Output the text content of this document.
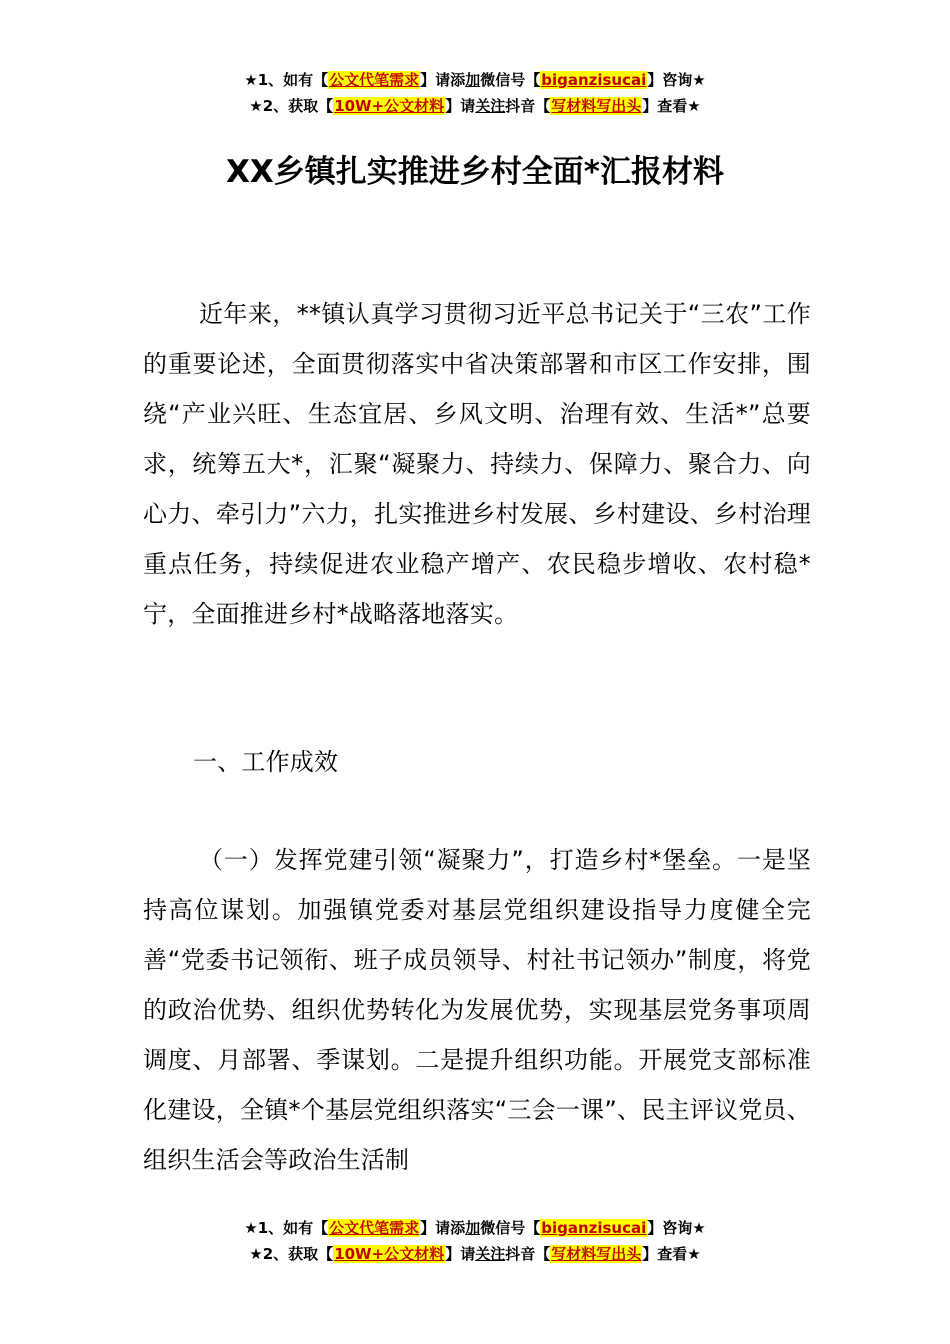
★1、如有【公文代笔需求】请添加微信号【biganzisucai】咨询★
★2、获取【10W+公文材料】请关注抖音【写材料写出头】查看★
XX乡镇扎实推进乡村全面*汇报材料

近年来，**镇认真学习贯彻习近平总书记关于“三农”工作的重要论述，全面贯彻落实中省决策部署和市区工作安排，围绕“产业兴旺、生态宜居、乡风文明、治理有效、生活*”总要求，统筹五大*，汇聚“凝聚力、持续力、保障力、聚合力、向心力、牵引力”六力，扎实推进乡村发展、乡村建设、乡村治理重点任务，持续促进农业稳产增产、农民稳步增收、农村稳*宁，全面推进乡村*战略落地落实。

一、工作成效

（一）发挥党建引领“凝聚力”，打造乡村*堡垒。一是坚持高位谋划。加强镇党委对基层党组织建设指导力度健全完善“党委书记领衔、班子成员领导、村社书记领办”制度，将党的政治优势、组织优势转化为发展优势，实现基层党务事项周调度、月部署、季谋划。二是提升组织功能。开展党支部标准化建设，全镇*个基层党组织落实“三会一课”、民主评议党员、组织生活会等政治生活制

★1、如有【公文代笔需求】请添加微信号【biganzisucai】咨询★
★2、获取【10W+公文材料】请关注抖音【写材料写出头】查看★
